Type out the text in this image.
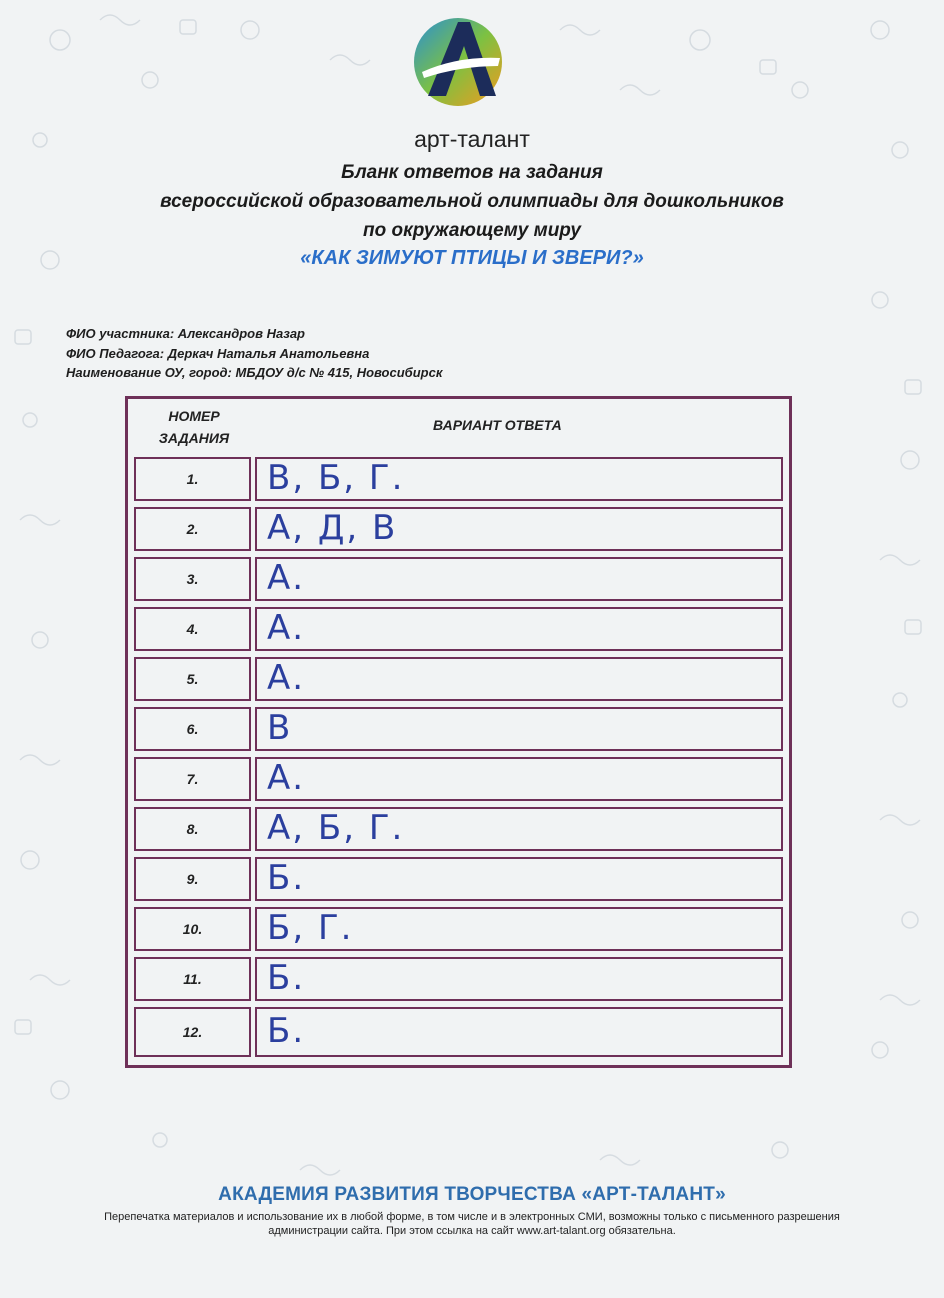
арт-талант
Бланк ответов на задания
всероссийской образовательной олимпиады для дошкольников
по окружающему миру
«КАК ЗИМУЮТ ПТИЦЫ И ЗВЕРИ?»
ФИО участника: Александров Назар
ФИО Педагога: Деркач Наталья Анатольевна
Наименование ОУ, город: МБДОУ д/с № 415, Новосибирск
НОМЕР ЗАДАНИЯ
ВАРИАНТ ОТВЕТА
1.	В, Б, Г.
2.	А, Д, В
3.	А.
4.	А.
5.	А.
6.	В
7.	А.
8.	А, Б, Г.
9.	Б.
10.	Б, Г.
11.	Б.
12.	Б.
АКАДЕМИЯ РАЗВИТИЯ ТВОРЧЕСТВА «АРТ-ТАЛАНТ»
Перепечатка материалов и использование их в любой форме, в том числе и в электронных СМИ, возможны только с письменного разрешения администрации сайта. При этом ссылка на сайт www.art-talant.org обязательна.
